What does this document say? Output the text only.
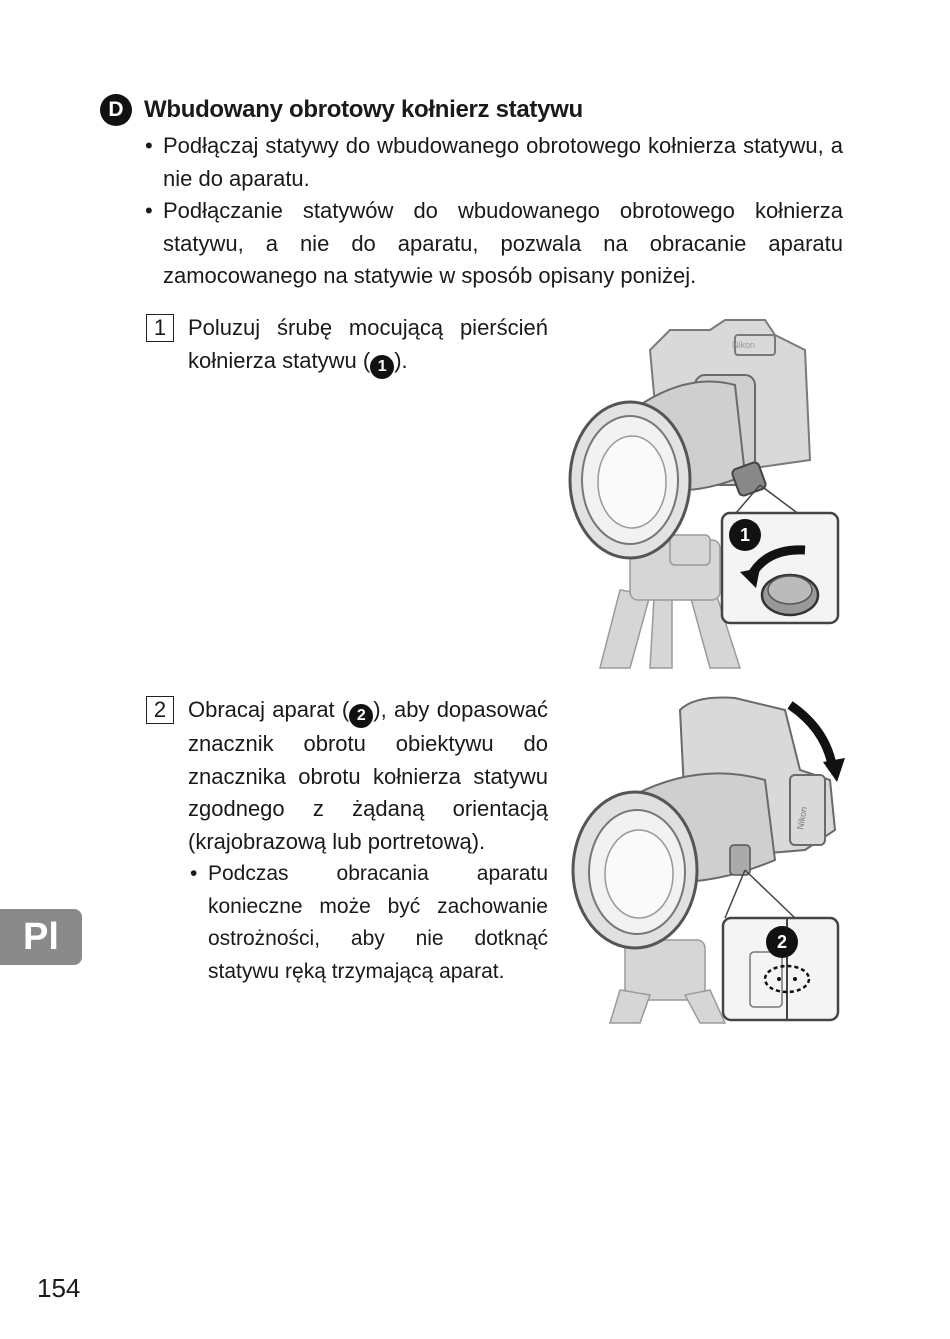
D Wbudowany obrotowy kołnierz statywu
• Podłączaj statywy do wbudowanego obrotowego kołnierza statywu, a nie do aparatu.
• Podłączanie statywów do wbudowanego obrotowego kołnierza statywu, a nie do aparatu, pozwala na obracanie aparatu zamocowanego na statywie w sposób opisany poniżej.
1 Poluzuj śrubę mocującą pierścień kołnierza statywu ( 1 ).
Nikon
1
2 Obracaj aparat ( 2 ), aby dopasować znacznik obrotu obiektywu do znacznika obrotu kołnierza statywu zgodnego z żądaną orientacją (krajobrazową lub portretową).
• Podczas obracania aparatu konieczne może być zachowanie ostrożności, aby nie dotknąć statywu ręką trzymającą aparat.
Nikon
2
Pl
154
